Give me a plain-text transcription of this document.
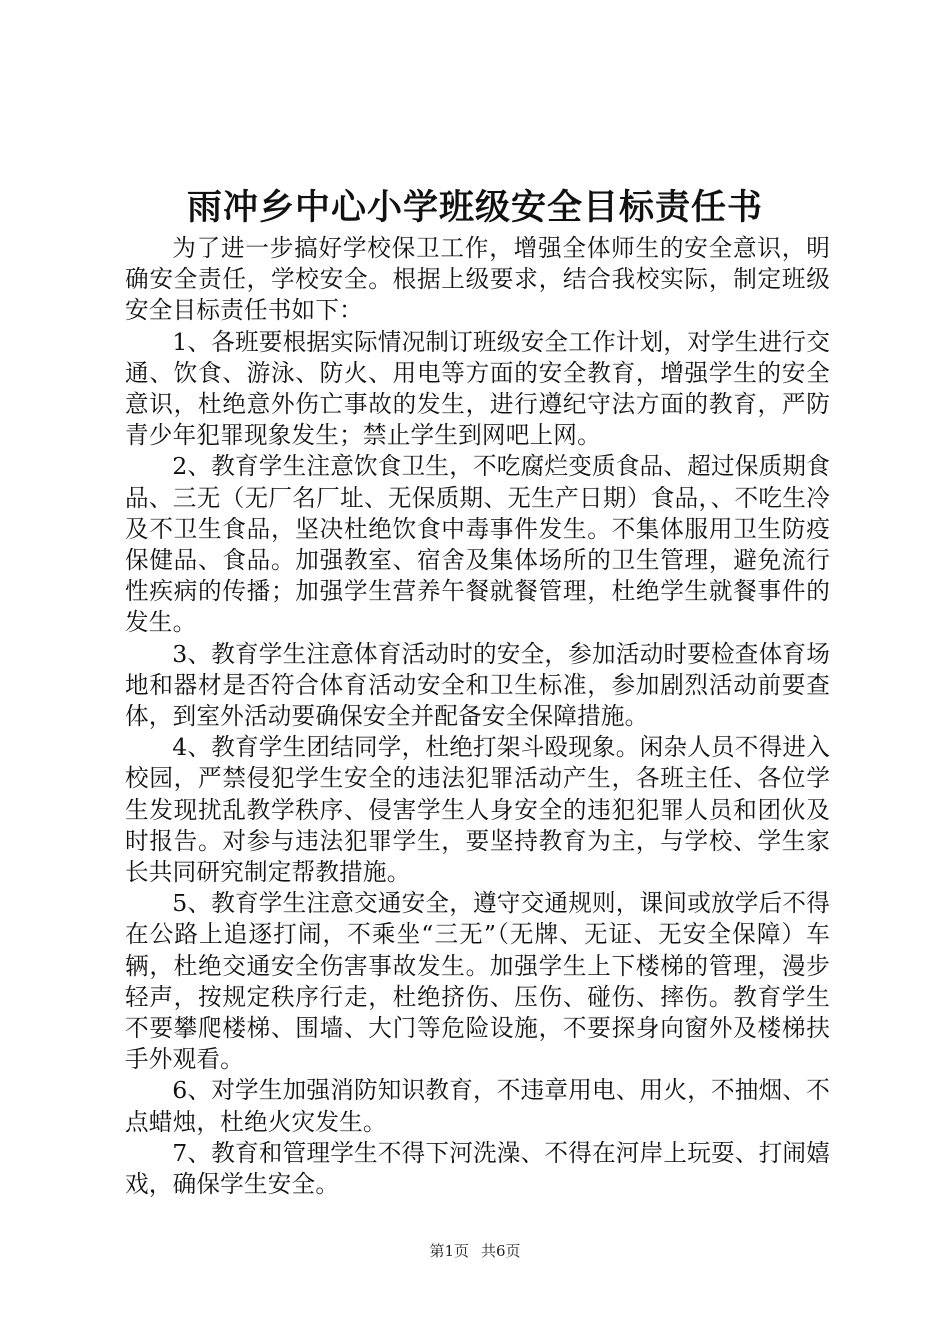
雨冲乡中心小学班级安全目标责任书

为了进一步搞好学校保卫工作，增强全体师生的安全意识，明确安全责任，学校安全。根据上级要求，结合我校实际，制定班级安全目标责任书如下：

1、各班要根据实际情况制订班级安全工作计划，对学生进行交通、饮食、游泳、防火、用电等方面的安全教育，增强学生的安全意识，杜绝意外伤亡事故的发生，进行遵纪守法方面的教育，严防青少年犯罪现象发生；禁止学生到网吧上网。

2、教育学生注意饮食卫生，不吃腐烂变质食品、超过保质期食品、三无（无厂名厂址、无保质期、无生产日期）食品，、不吃生冷及不卫生食品，坚决杜绝饮食中毒事件发生。不集体服用卫生防疫保健品、食品。加强教室、宿舍及集体场所的卫生管理，避免流行性疾病的传播；加强学生营养午餐就餐管理，杜绝学生就餐事件的发生。

3、教育学生注意体育活动时的安全，参加活动时要检查体育场地和器材是否符合体育活动安全和卫生标准，参加剧烈活动前要查体，到室外活动要确保安全并配备安全保障措施。

4、教育学生团结同学，杜绝打架斗殴现象。闲杂人员不得进入校园，严禁侵犯学生安全的违法犯罪活动产生，各班主任、各位学生发现扰乱教学秩序、侵害学生人身安全的违犯犯罪人员和团伙及时报告。对参与违法犯罪学生，要坚持教育为主，与学校、学生家长共同研究制定帮教措施。

5、教育学生注意交通安全，遵守交通规则，课间或放学后不得在公路上追逐打闹，不乘坐“三无”（无牌、无证、无安全保障）车辆，杜绝交通安全伤害事故发生。加强学生上下楼梯的管理，漫步轻声，按规定秩序行走，杜绝挤伤、压伤、碰伤、摔伤。教育学生不要攀爬楼梯、围墙、大门等危险设施，不要探身向窗外及楼梯扶手外观看。

6、对学生加强消防知识教育，不违章用电、用火，不抽烟、不点蜡烛，杜绝火灾发生。

7、教育和管理学生不得下河洗澡、不得在河岸上玩耍、打闹嬉戏，确保学生安全。

第1页 共6页
